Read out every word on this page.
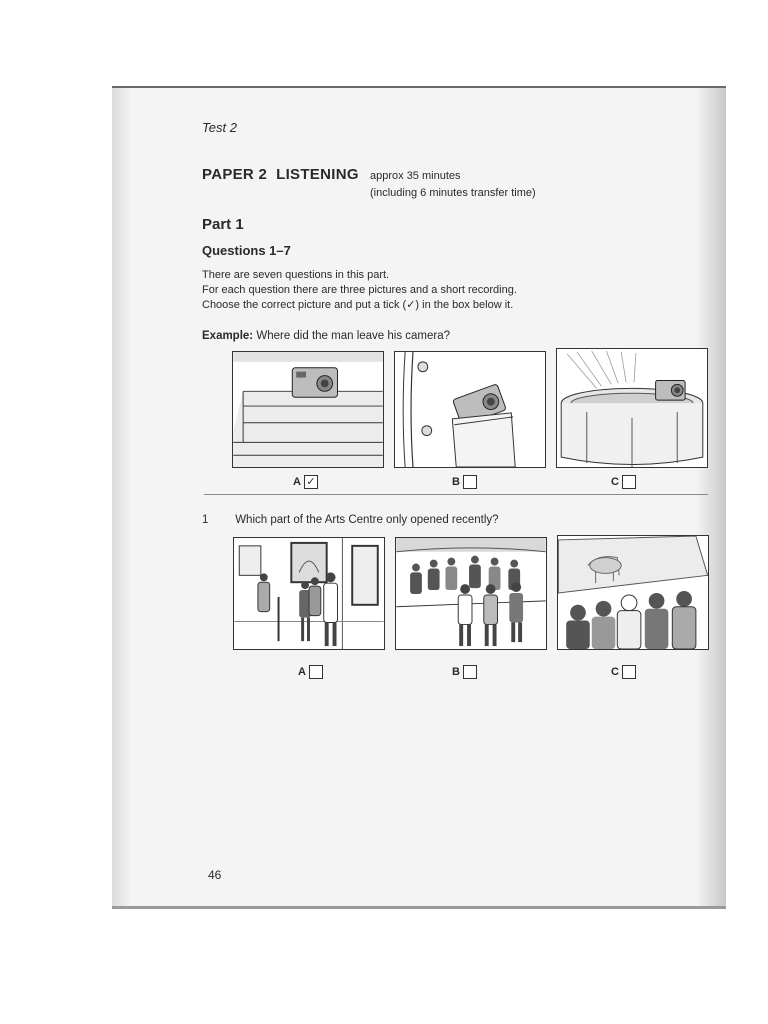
Test 2
PAPER 2  LISTENING approx 35 minutes
(including 6 minutes transfer time)
Part 1
Questions 1–7
There are seven questions in this part.
For each question there are three pictures and a short recording.
Choose the correct picture and put a tick (✓) in the box below it.
Example: Where did the man leave his camera?
A ✓	B	C
1 Which part of the Arts Centre only opened recently?
A	B	C
46
